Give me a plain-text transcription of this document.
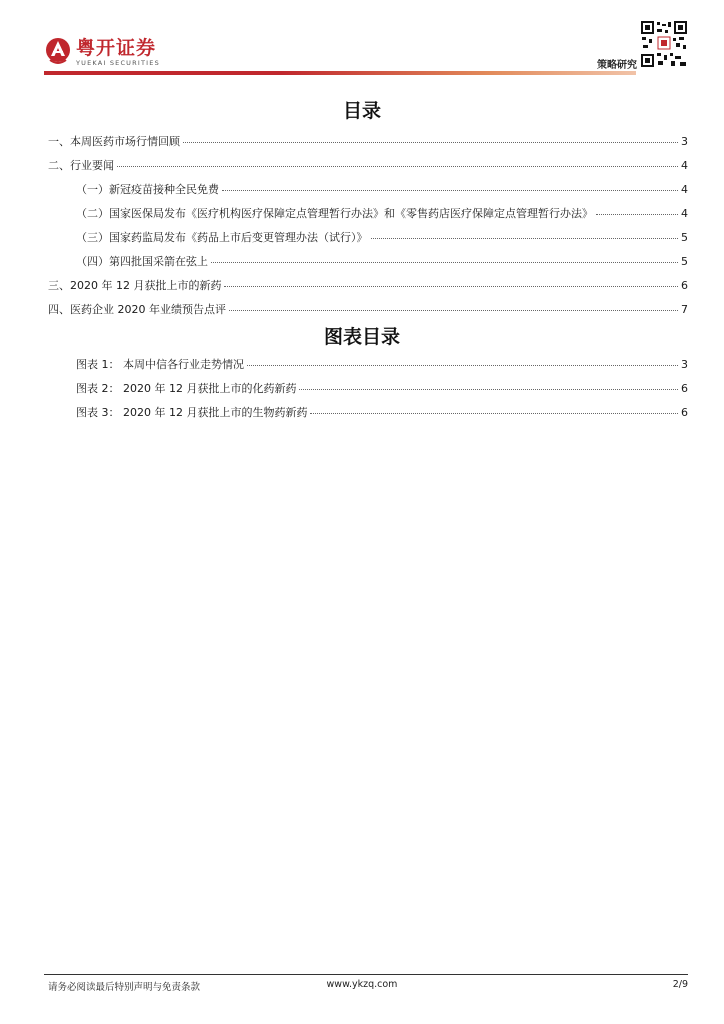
粤开证券
YUEKAI SECURITIES	策略研究
目录
一、本周医药市场行情回顾	3
二、行业要闻	4
（一）新冠疫苗接种全民免费	4
（二）国家医保局发布《医疗机构医疗保障定点管理暂行办法》和《零售药店医疗保障定点管理暂行办法》	4
（三）国家药监局发布《药品上市后变更管理办法（试行）》	5
（四）第四批国采箭在弦上	5
三、2020 年 12 月获批上市的新药	6
四、医药企业 2020 年业绩预告点评	7
图表目录
图表 1： 本周中信各行业走势情况	3
图表 2： 2020 年 12 月获批上市的化药新药	6
图表 3： 2020 年 12 月获批上市的生物药新药	6
请务必阅读最后特别声明与免责条款	www.ykzq.com	2/9
